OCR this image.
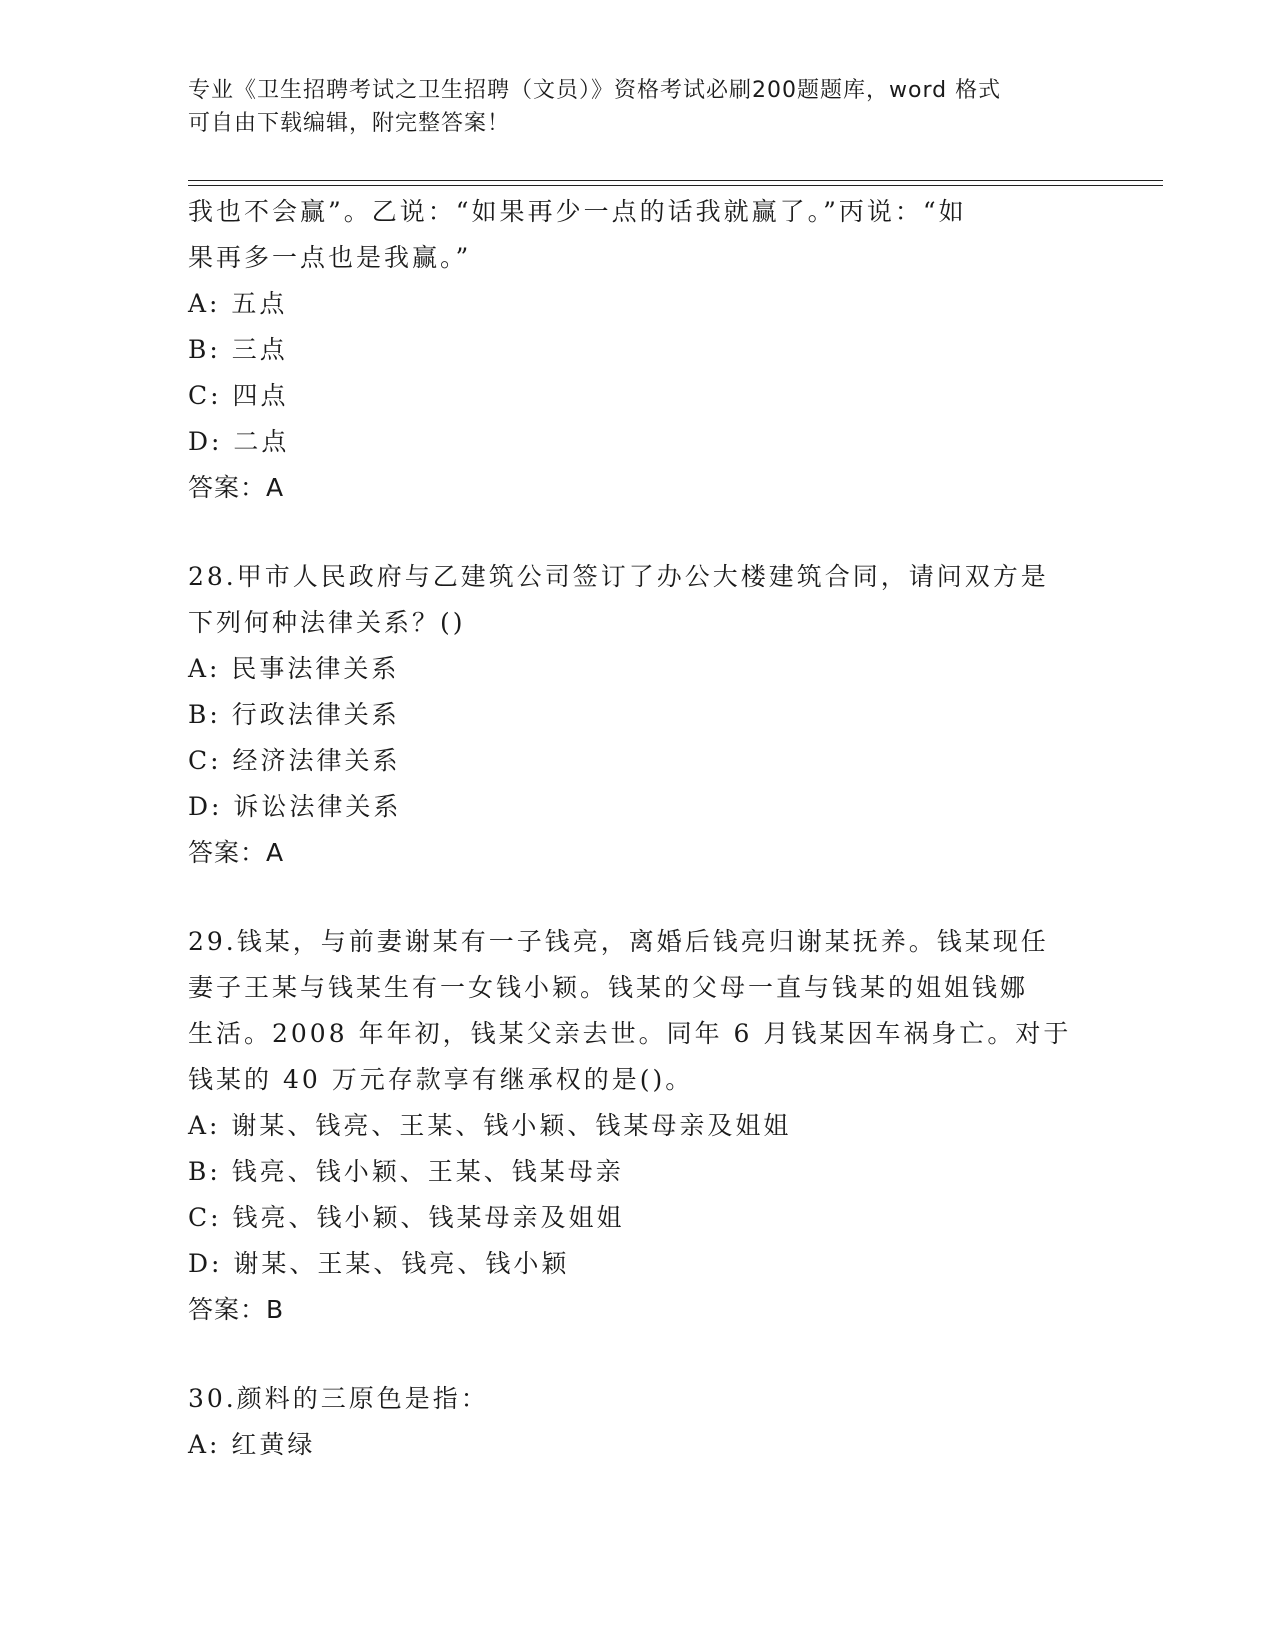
专业《卫生招聘考试之卫生招聘（文员）》资格考试必刷200题题库，word 格式
可自由下载编辑，附完整答案！
我也不会赢”。乙说：“如果再少一点的话我就赢了。”丙说：“如
果再多一点也是我赢。”
A: 五点
B: 三点
C: 四点
D: 二点
答案：A
28.甲市人民政府与乙建筑公司签订了办公大楼建筑合同，请问双方是
下列何种法律关系？()
A: 民事法律关系
B: 行政法律关系
C: 经济法律关系
D: 诉讼法律关系
答案：A
29.钱某，与前妻谢某有一子钱亮，离婚后钱亮归谢某抚养。钱某现任
妻子王某与钱某生有一女钱小颖。钱某的父母一直与钱某的姐姐钱娜
生活。2008 年年初，钱某父亲去世。同年 6 月钱某因车祸身亡。对于
钱某的 40 万元存款享有继承权的是()。
A: 谢某、钱亮、王某、钱小颖、钱某母亲及姐姐
B: 钱亮、钱小颖、王某、钱某母亲
C: 钱亮、钱小颖、钱某母亲及姐姐
D: 谢某、王某、钱亮、钱小颖
答案：B
30.颜料的三原色是指：
A: 红黄绿
